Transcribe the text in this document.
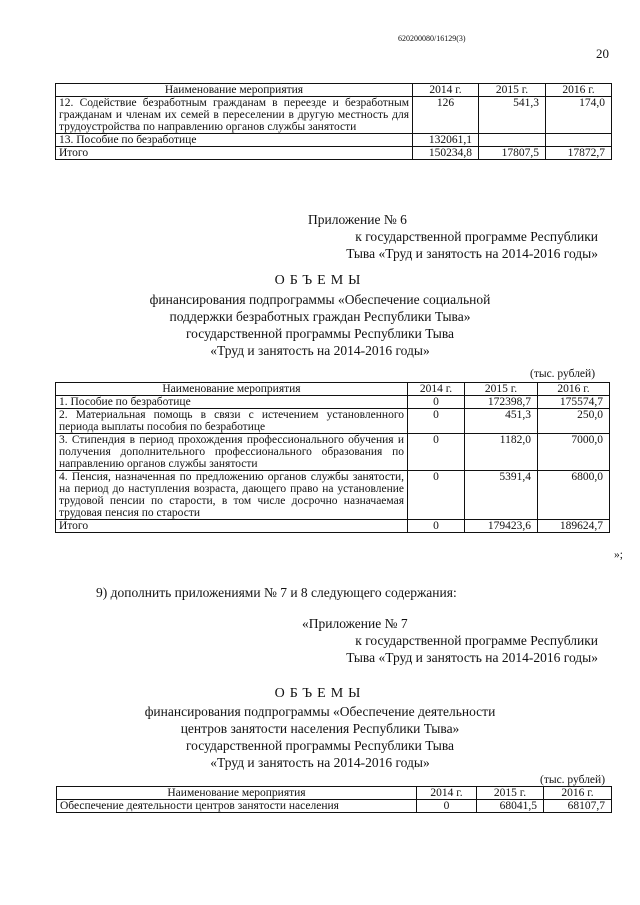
620200080/16129(3)
20
Наименование мероприятия	2014 г.	2015 г.	2016 г.
12. Содействие безработным гражданам в переезде и безработным гражданам и членам их семей в переселении в другую местность для трудоустройства по направлению органов службы занятости	126	541,3	174,0
13. Пособие по безработице	132061,1		
Итого	150234,8	17807,5	17872,7
Приложение № 6
к государственной программе Республики
Тыва «Труд и занятость на 2014-2016 годы»
ОБЪЕМЫ
финансирования подпрограммы «Обеспечение социальной
поддержки безработных граждан Республики Тыва»
государственной программы Республики Тыва
«Труд и занятость на 2014-2016 годы»
(тыс. рублей)
Наименование мероприятия	2014 г.	2015 г.	2016 г.
1. Пособие по безработице	0	172398,7	175574,7
2. Материальная помощь в связи с истечением установленного периода выплаты пособия по безработице	0	451,3	250,0
3. Стипендия в период прохождения профессионального обучения и получения дополнительного профессионального образования по направлению органов службы занятости	0	1182,0	7000,0
4. Пенсия, назначенная по предложению органов службы занятости, на период до наступления возраста, дающего право на установление трудовой пенсии по старости, в том числе досрочно назначаемая трудовая пенсия по старости	0	5391,4	6800,0
Итого	0	179423,6	189624,7
»;
9) дополнить приложениями № 7 и 8 следующего содержания:
«Приложение № 7
к государственной программе Республики
Тыва «Труд и занятость на 2014-2016 годы»
ОБЪЕМЫ
финансирования подпрограммы «Обеспечение деятельности
центров занятости населения Республики Тыва»
государственной программы Республики Тыва
«Труд и занятость на 2014-2016 годы»
(тыс. рублей)
Наименование мероприятия	2014 г.	2015 г.	2016 г.
Обеспечение деятельности центров занятости населения	0	68041,5	68107,7
